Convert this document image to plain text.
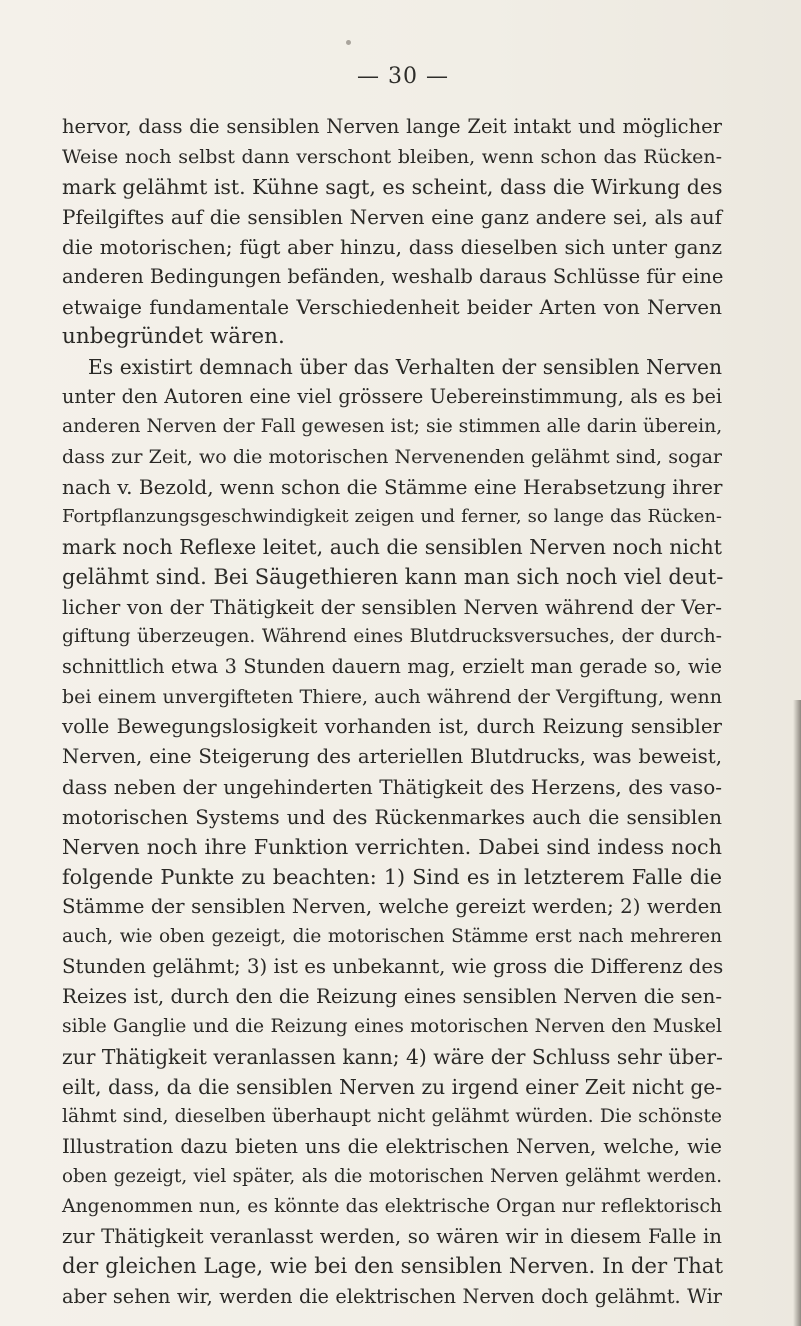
— 30 —
hervor, dass die sensiblen Nerven lange Zeit intakt und möglicher
Weise noch selbst dann verschont bleiben, wenn schon das Rücken-
mark gelähmt ist. Kühne sagt, es scheint, dass die Wirkung des
Pfeilgiftes auf die sensiblen Nerven eine ganz andere sei, als auf
die motorischen; fügt aber hinzu, dass dieselben sich unter ganz
anderen Bedingungen befänden, weshalb daraus Schlüsse für eine
etwaige fundamentale Verschiedenheit beider Arten von Nerven
unbegründet wären.
Es existirt demnach über das Verhalten der sensiblen Nerven
unter den Autoren eine viel grössere Uebereinstimmung, als es bei
anderen Nerven der Fall gewesen ist; sie stimmen alle darin überein,
dass zur Zeit, wo die motorischen Nervenenden gelähmt sind, sogar
nach v. Bezold, wenn schon die Stämme eine Herabsetzung ihrer
Fortpflanzungsgeschwindigkeit zeigen und ferner, so lange das Rücken-
mark noch Reflexe leitet, auch die sensiblen Nerven noch nicht
gelähmt sind. Bei Säugethieren kann man sich noch viel deut-
licher von der Thätigkeit der sensiblen Nerven während der Ver-
giftung überzeugen. Während eines Blutdrucksversuches, der durch-
schnittlich etwa 3 Stunden dauern mag, erzielt man gerade so, wie
bei einem unvergifteten Thiere, auch während der Vergiftung, wenn
volle Bewegungslosigkeit vorhanden ist, durch Reizung sensibler
Nerven, eine Steigerung des arteriellen Blutdrucks, was beweist,
dass neben der ungehinderten Thätigkeit des Herzens, des vaso-
motorischen Systems und des Rückenmarkes auch die sensiblen
Nerven noch ihre Funktion verrichten. Dabei sind indess noch
folgende Punkte zu beachten: 1) Sind es in letzterem Falle die
Stämme der sensiblen Nerven, welche gereizt werden; 2) werden
auch, wie oben gezeigt, die motorischen Stämme erst nach mehreren
Stunden gelähmt; 3) ist es unbekannt, wie gross die Differenz des
Reizes ist, durch den die Reizung eines sensiblen Nerven die sen-
sible Ganglie und die Reizung eines motorischen Nerven den Muskel
zur Thätigkeit veranlassen kann; 4) wäre der Schluss sehr über-
eilt, dass, da die sensiblen Nerven zu irgend einer Zeit nicht ge-
lähmt sind, dieselben überhaupt nicht gelähmt würden. Die schönste
Illustration dazu bieten uns die elektrischen Nerven, welche, wie
oben gezeigt, viel später, als die motorischen Nerven gelähmt werden.
Angenommen nun, es könnte das elektrische Organ nur reflektorisch
zur Thätigkeit veranlasst werden, so wären wir in diesem Falle in
der gleichen Lage, wie bei den sensiblen Nerven. In der That
aber sehen wir, werden die elektrischen Nerven doch gelähmt. Wir
